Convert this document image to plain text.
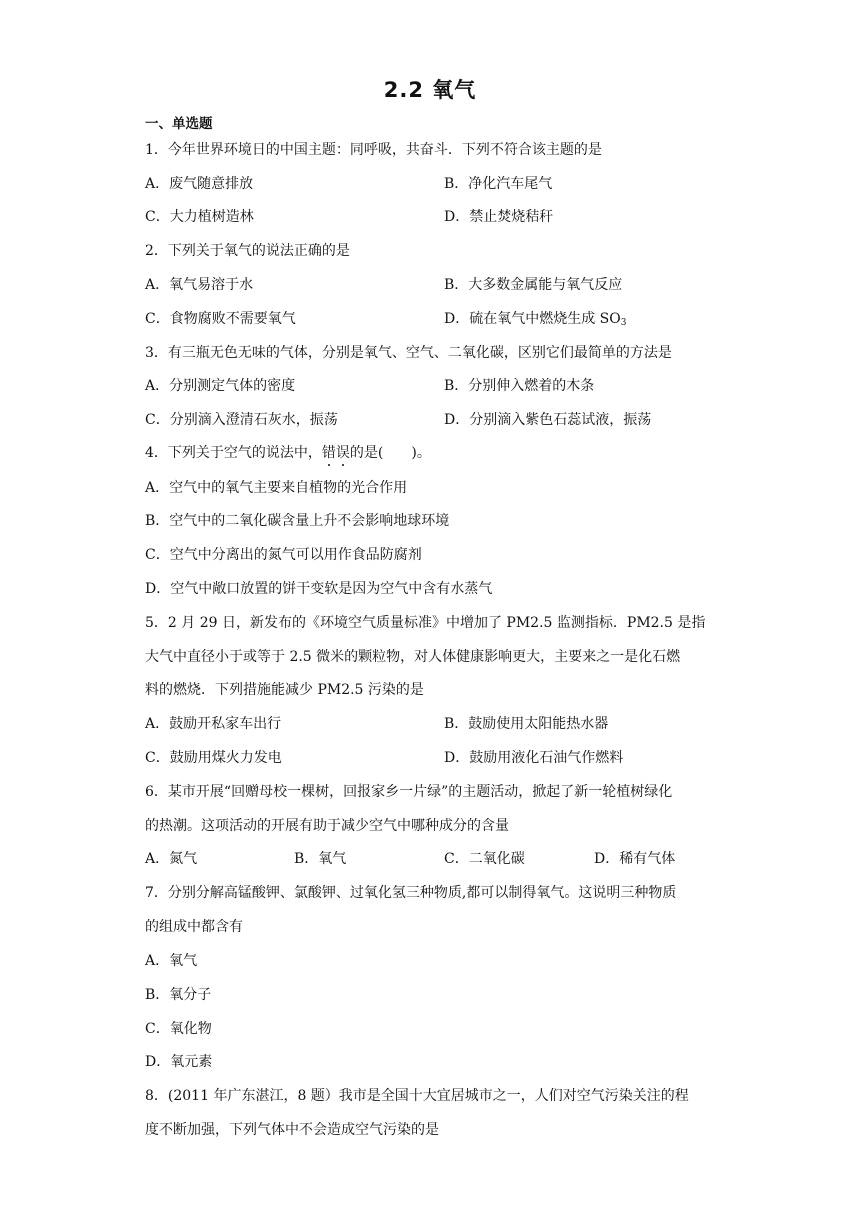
2.2 氧气
一、单选题
1．今年世界环境日的中国主题：同呼吸，共奋斗．下列不符合该主题的是
A．废气随意排放	B．净化汽车尾气
C．大力植树造林	D．禁止焚烧秸秆
2．下列关于氧气的说法正确的是
A．氧气易溶于水	B．大多数金属能与氧气反应
C．食物腐败不需要氧气	D．硫在氧气中燃烧生成 $SO_3$
3．有三瓶无色无味的气体，分别是氧气、空气、二氧化碳，区别它们最简单的方法是
A．分别测定气体的密度	B．分别伸入燃着的木条
C．分别滴入澄清石灰水，振荡	D．分别滴入紫色石蕊试液，振荡
4．下列关于空气的说法中，错误的是(　　)。
A．空气中的氧气主要来自植物的光合作用
B．空气中的二氧化碳含量上升不会影响地球环境
C．空气中分离出的氮气可以用作食品防腐剂
D．空气中敞口放置的饼干变软是因为空气中含有水蒸气
5．2 月 29 日，新发布的《环境空气质量标准》中增加了 PM2.5 监测指标．PM2.5 是指
大气中直径小于或等于 2.5 微米的颗粒物，对人体健康影响更大，主要来之一是化石燃
料的燃烧．下列措施能减少 PM2.5 污染的是
A．鼓励开私家车出行	B．鼓励使用太阳能热水器
C．鼓励用煤火力发电	D．鼓励用液化石油气作燃料
6．某市开展“回赠母校一棵树，回报家乡一片绿”的主题活动，掀起了新一轮植树绿化
的热潮。这项活动的开展有助于减少空气中哪种成分的含量
A．氮气	B．氧气	C．二氧化碳	D．稀有气体
7．分别分解高锰酸钾、氯酸钾、过氧化氢三种物质,都可以制得氧气。这说明三种物质
的组成中都含有
A．氧气
B．氧分子
C．氧化物
D．氧元素
8．(2011 年广东湛江，8 题）我市是全国十大宜居城市之一，人们对空气污染关注的程
度不断加强，下列气体中不会造成空气污染的是
